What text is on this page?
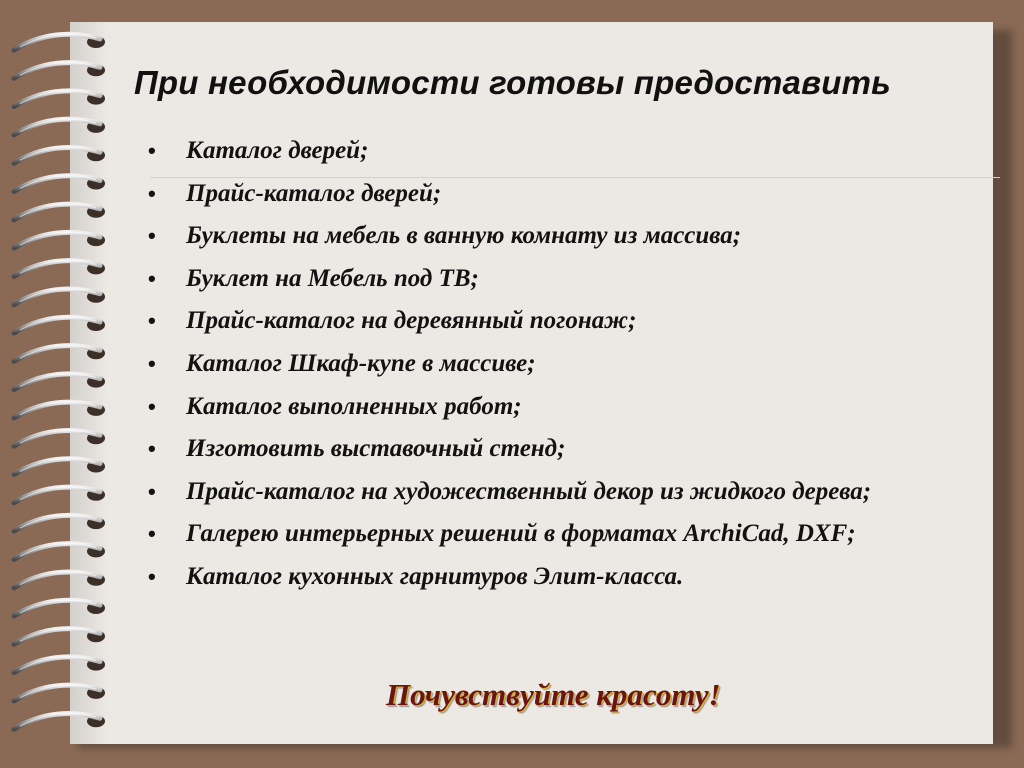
При необходимости готовы предоставить
• Каталог дверей;
• Прайс-каталог дверей;
• Буклеты на мебель в ванную комнату из массива;
• Буклет на Мебель под ТВ;
• Прайс-каталог на деревянный погонаж;
• Каталог Шкаф-купе в массиве;
• Каталог выполненных работ;
• Изготовить выставочный стенд;
• Прайс-каталог на художественный декор из жидкого дерева;
• Галерею интерьерных решений в форматах ArchiCad, DXF;
• Каталог кухонных гарнитуров Элит-класса.

Почувствуйте красоту!
